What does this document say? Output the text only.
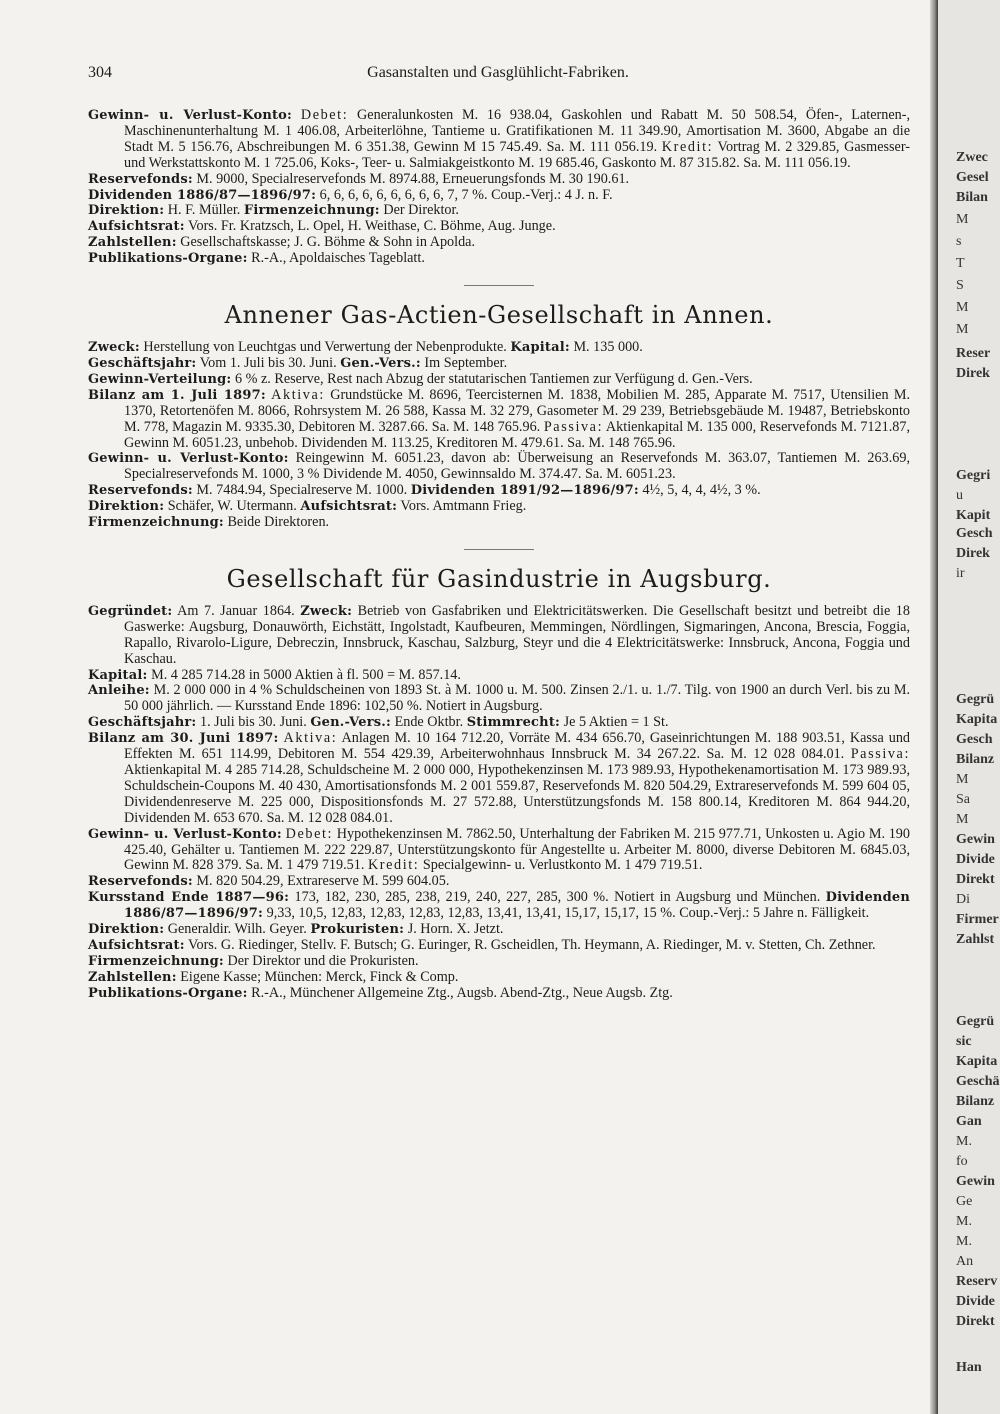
304	Gasanstalten und Gasglühlicht-Fabriken.

Gewinn- u. Verlust-Konto: Debet: Generalunkosten M. 16 938.04, Gaskohlen und Rabatt M. 50 508.54, Öfen-, Laternen-, Maschinenunterhaltung M. 1 406.08, Arbeiterlöhne, Tantieme u. Gratifikationen M. 11 349.90, Amortisation M. 3600, Abgabe an die Stadt M. 5 156.76, Abschreibungen M. 6 351.38, Gewinn M 15 745.49. Sa. M. 111 056.19. Kredit: Vortrag M. 2 329.85, Gasmesser- und Werkstattskonto M. 1 725.06, Koks-, Teer- u. Salmiakgeistkonto M. 19 685.46, Gaskonto M. 87 315.82. Sa. M. 111 056.19.

Reservefonds: M. 9000, Specialreservefonds M. 8974.88, Erneuerungsfonds M. 30 190.61.

Dividenden 1886/87—1896/97: 6, 6, 6, 6, 6, 6, 6, 6, 6, 7, 7 %. Coup.-Verj.: 4 J. n. F.

Direktion: H. F. Müller. Firmenzeichnung: Der Direktor.

Aufsichtsrat: Vors. Fr. Kratzsch, L. Opel, H. Weithase, C. Böhme, Aug. Junge.

Zahlstellen: Gesellschaftskasse; J. G. Böhme & Sohn in Apolda.

Publikations-Organe: R.-A., Apoldaisches Tageblatt.

Annener Gas-Actien-Gesellschaft in Annen.

Zweck: Herstellung von Leuchtgas und Verwertung der Nebenprodukte. Kapital: M. 135 000.

Geschäftsjahr: Vom 1. Juli bis 30. Juni. Gen.-Vers.: Im September.

Gewinn-Verteilung: 6 % z. Reserve, Rest nach Abzug der statutarischen Tantiemen zur Verfügung d. Gen.-Vers.

Bilanz am 1. Juli 1897: Aktiva: Grundstücke M. 8696, Teercisternen M. 1838, Mobilien M. 285, Apparate M. 7517, Utensilien M. 1370, Retortenöfen M. 8066, Rohrsystem M. 26 588, Kassa M. 32 279, Gasometer M. 29 239, Betriebsgebäude M. 19487, Betriebskonto M. 778, Magazin M. 9335.30, Debitoren M. 3287.66. Sa. M. 148 765.96. Passiva: Aktienkapital M. 135 000, Reservefonds M. 7121.87, Gewinn M. 6051.23, unbehob. Dividenden M. 113.25, Kreditoren M. 479.61. Sa. M. 148 765.96.

Gewinn- u. Verlust-Konto: Reingewinn M. 6051.23, davon ab: Überweisung an Reservefonds M. 363.07, Tantiemen M. 263.69, Specialreservefonds M. 1000, 3 % Dividende M. 4050, Gewinnsaldo M. 374.47. Sa. M. 6051.23.

Reservefonds: M. 7484.94, Specialreserve M. 1000. Dividenden 1891/92—1896/97: 4½, 5, 4, 4, 4½, 3 %.

Direktion: Schäfer, W. Utermann. Aufsichtsrat: Vors. Amtmann Frieg.

Firmenzeichnung: Beide Direktoren.

Gesellschaft für Gasindustrie in Augsburg.

Gegründet: Am 7. Januar 1864. Zweck: Betrieb von Gasfabriken und Elektricitätswerken. Die Gesellschaft besitzt und betreibt die 18 Gaswerke: Augsburg, Donauwörth, Eichstätt, Ingolstadt, Kaufbeuren, Memmingen, Nördlingen, Sigmaringen, Ancona, Brescia, Foggia, Rapallo, Rivarolo-Ligure, Debreczin, Innsbruck, Kaschau, Salzburg, Steyr und die 4 Elektricitätswerke: Innsbruck, Ancona, Foggia und Kaschau.

Kapital: M. 4 285 714.28 in 5000 Aktien à fl. 500 = M. 857.14.

Anleihe: M. 2 000 000 in 4 % Schuldscheinen von 1893 St. à M. 1000 u. M. 500. Zinsen 2./1. u. 1./7. Tilg. von 1900 an durch Verl. bis zu M. 50 000 jährlich. — Kursstand Ende 1896: 102,50 %. Notiert in Augsburg.

Geschäftsjahr: 1. Juli bis 30. Juni. Gen.-Vers.: Ende Oktbr. Stimmrecht: Je 5 Aktien = 1 St.

Bilanz am 30. Juni 1897: Aktiva: Anlagen M. 10 164 712.20, Vorräte M. 434 656.70, Gaseinrichtungen M. 188 903.51, Kassa und Effekten M. 651 114.99, Debitoren M. 554 429.39, Arbeiterwohnhaus Innsbruck M. 34 267.22. Sa. M. 12 028 084.01. Passiva: Aktienkapital M. 4 285 714.28, Schuldscheine M. 2 000 000, Hypothekenzinsen M. 173 989.93, Hypothekenamortisation M. 173 989.93, Schuldschein-Coupons M. 40 430, Amortisationsfonds M. 2 001 559.87, Reservefonds M. 820 504.29, Extrareservefonds M. 599 604 05, Dividendenreserve M. 225 000, Dispositionsfonds M. 27 572.88, Unterstützungsfonds M. 158 800.14, Kreditoren M. 864 944.20, Dividenden M. 653 670. Sa. M. 12 028 084.01.

Gewinn- u. Verlust-Konto: Debet: Hypothekenzinsen M. 7862.50, Unterhaltung der Fabriken M. 215 977.71, Unkosten u. Agio M. 190 425.40, Gehälter u. Tantiemen M. 222 229.87, Unterstützungskonto für Angestellte u. Arbeiter M. 8000, diverse Debitoren M. 6845.03, Gewinn M. 828 379. Sa. M. 1 479 719.51. Kredit: Specialgewinn- u. Verlustkonto M. 1 479 719.51.

Reservefonds: M. 820 504.29, Extrareserve M. 599 604.05.

Kursstand Ende 1887—96: 173, 182, 230, 285, 238, 219, 240, 227, 285, 300 %. Notiert in Augsburg und München. Dividenden 1886/87—1896/97: 9,33, 10,5, 12,83, 12,83, 12,83, 12,83, 13,41, 13,41, 15,17, 15,17, 15 %. Coup.-Verj.: 5 Jahre n. Fälligkeit.

Direktion: Generaldir. Wilh. Geyer. Prokuristen: J. Horn. X. Jetzt.

Aufsichtsrat: Vors. G. Riedinger, Stellv. F. Butsch; G. Euringer, R. Gscheidlen, Th. Heymann, A. Riedinger, M. v. Stetten, Ch. Zethner.

Firmenzeichnung: Der Direktor und die Prokuristen.

Zahlstellen: Eigene Kasse; München: Merck, Finck & Comp.

Publikations-Organe: R.-A., Münchener Allgemeine Ztg., Augsb. Abend-Ztg., Neue Augsb. Ztg.

Zwec
Gesel
Bilan
M
s
T
S
M
M
Reser
Direk
Gegri
u
Kapit
Gesch
Direk
ir
Gegrü
Kapita
Gesch
Bilanz
M
Sa
M
Gewin
Divide
Direkt
Di
Firmer
Zahlst
Gegrü
sic
Kapita
Geschä
Bilanz
Gan
M.
fo
Gewin
Ge
M.
M.
An
Reserv
Divide
Direkt
Han
